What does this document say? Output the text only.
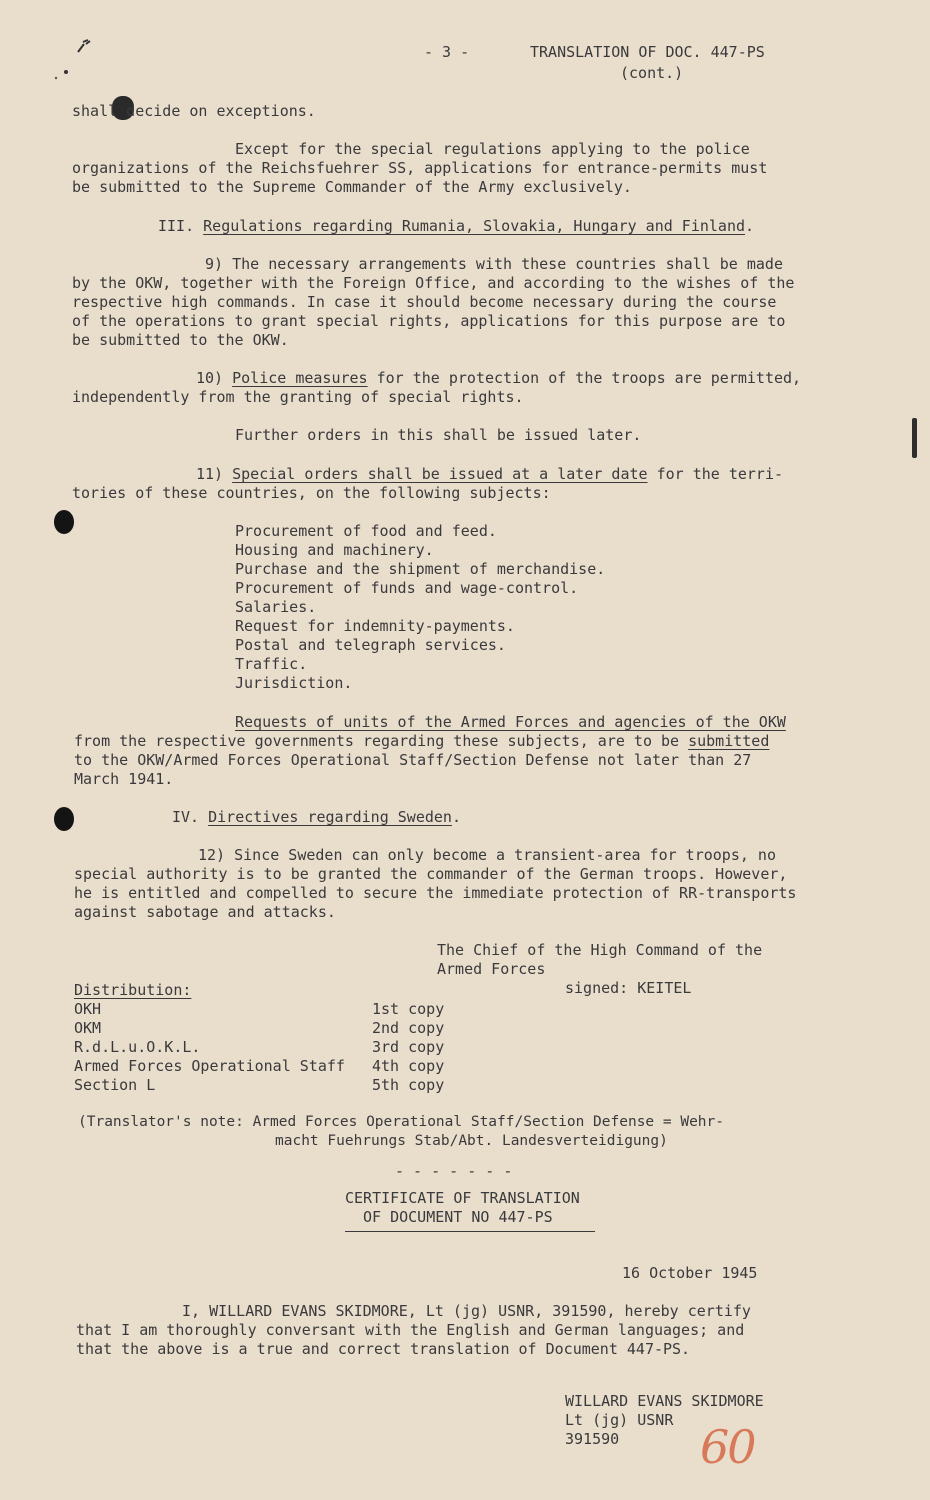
- 3 -	TRANSLATION OF DOC. 447-PS
(cont.)
shall decide on exceptions.
Except for the special regulations applying to the police
organizations of the Reichsfuehrer SS, applications for entrance-permits must
be submitted to the Supreme Commander of the Army exclusively.
III. Regulations regarding Rumania, Slovakia, Hungary and Finland.
9) The necessary arrangements with these countries shall be made
by the OKW, together with the Foreign Office, and according to the wishes of the
respective high commands. In case it should become necessary during the course
of the operations to grant special rights, applications for this purpose are to
be submitted to the OKW.
10) Police measures for the protection of the troops are permitted,
independently from the granting of special rights.
Further orders in this shall be issued later.
11) Special orders shall be issued at a later date for the terri-
tories of these countries, on the following subjects:
Procurement of food and feed.
Housing and machinery.
Purchase and the shipment of merchandise.
Procurement of funds and wage-control.
Salaries.
Request for indemnity-payments.
Postal and telegraph services.
Traffic.
Jurisdiction.
Requests of units of the Armed Forces and agencies of the OKW
from the respective governments regarding these subjects, are to be submitted
to the OKW/Armed Forces Operational Staff/Section Defense not later than 27
March 1941.
IV. Directives regarding Sweden.
12) Since Sweden can only become a transient-area for troops, no
special authority is to be granted the commander of the German troops. However,
he is entitled and compelled to secure the immediate protection of RR-transports
against sabotage and attacks.
The Chief of the High Command of the
Armed Forces
signed: KEITEL
Distribution:
OKH	1st copy
OKM	2nd copy
R.d.L.u.O.K.L.	3rd copy
Armed Forces Operational Staff 4th copy
Section L	5th copy
(Translator's note: Armed Forces Operational Staff/Section Defense = Wehr-
macht Fuehrungs Stab/Abt. Landesverteidigung)
- - - - - - -
CERTIFICATE OF TRANSLATION
OF DOCUMENT NO 447-PS
16 October 1945
I, WILLARD EVANS SKIDMORE, Lt (jg) USNR, 391590, hereby certify
that I am thoroughly conversant with the English and German languages; and
that the above is a true and correct translation of Document 447-PS.
WILLARD EVANS SKIDMORE
Lt (jg) USNR
391590 60
